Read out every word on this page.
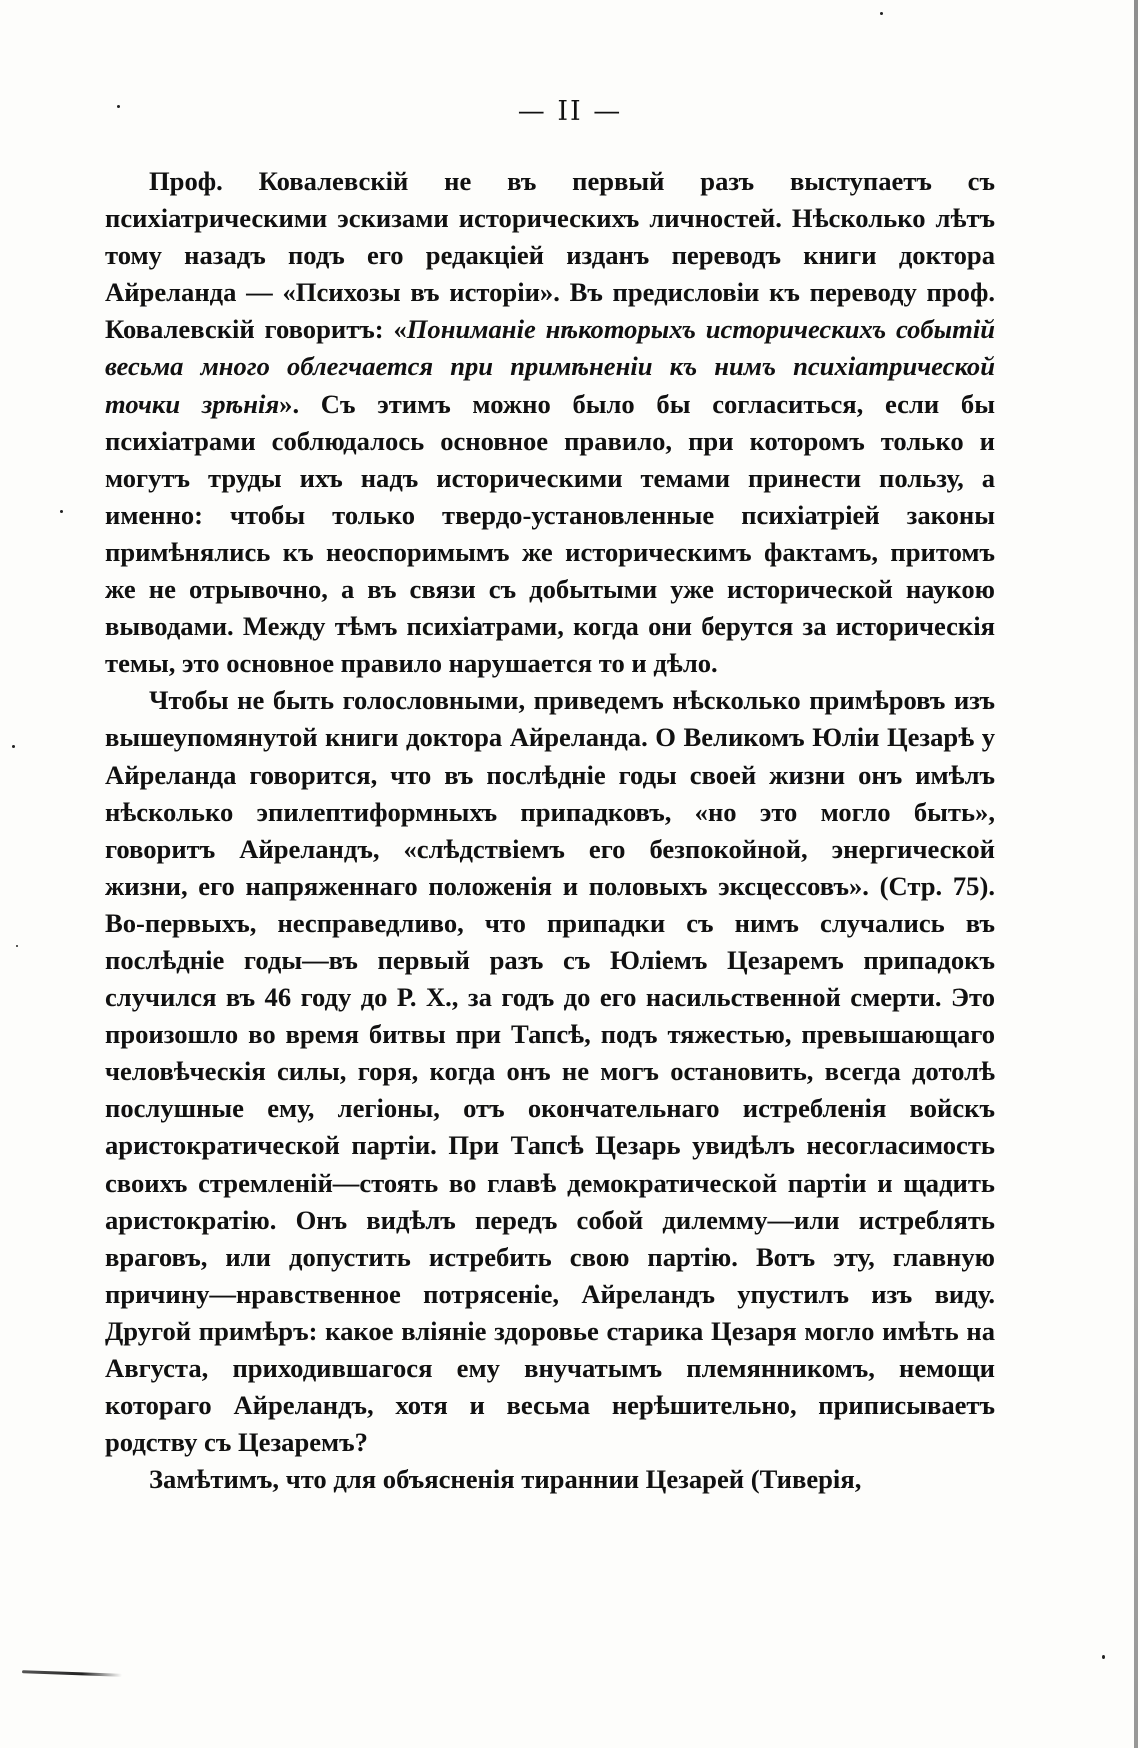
— II —

Проф. Ковалевскій не въ первый разъ выступаетъ съ психіатрическими эскизами историческихъ личностей. Нѣсколько лѣтъ тому назадъ подъ его редакціей изданъ переводъ книги доктора Айреланда — «Психозы въ исторіи». Въ предисловіи къ переводу проф. Ковалевскій говоритъ: «Пониманіе нѣкоторыхъ историческихъ событій весьма много облегчается при примѣненіи къ нимъ психіатрической точки зрѣнія». Съ этимъ можно было бы согласиться, если бы психіатрами соблюдалось основное правило, при которомъ только и могутъ труды ихъ надъ историческими темами принести пользу, а именно: чтобы только твердо-установленные психіатріей законы примѣнялись къ неоспоримымъ же историческимъ фактамъ, притомъ же не отрывочно, а въ связи съ добытыми уже исторической наукою выводами. Между тѣмъ психіатрами, когда они берутся за историческія темы, это основное правило нарушается то и дѣло.

Чтобы не быть голословными, приведемъ нѣсколько примѣровъ изъ вышеупомянутой книги доктора Айреланда. О Великомъ Юліи Цезарѣ у Айреланда говорится, что въ послѣдніе годы своей жизни онъ имѣлъ нѣсколько эпилептиформныхъ припадковъ, «но это могло быть», говоритъ Айреландъ, «слѣдствіемъ его безпокойной, энергической жизни, его напряженнаго положенія и половыхъ эксцессовъ». (Стр. 75). Во-первыхъ, несправедливо, что припадки съ нимъ случались въ послѣдніе годы—въ первый разъ съ Юліемъ Цезаремъ припадокъ случился въ 46 году до Р. Х., за годъ до его насильственной смерти. Это произошло во время битвы при Тапсѣ, подъ тяжестью, превышающаго человѣческія силы, горя, когда онъ не могъ остановить, всегда дотолѣ послушные ему, легіоны, отъ окончательнаго истребленія войскъ аристократической партіи. При Тапсѣ Цезарь увидѣлъ несогласимость своихъ стремленій—стоять во главѣ демократической партіи и щадить аристократію. Онъ видѣлъ передъ собой дилемму—или истреблять враговъ, или допустить истребить свою партію. Вотъ эту, главную причину—нравственное потрясеніе, Айреландъ упустилъ изъ виду. Другой примѣръ: какое вліяніе здоровье старика Цезаря могло имѣть на Августа, приходившагося ему внучатымъ племянникомъ, немощи котораго Айреландъ, хотя и весьма нерѣшительно, приписываетъ родству съ Цезаремъ?

Замѣтимъ, что для объясненія тираннии Цезарей (Тиверія,
